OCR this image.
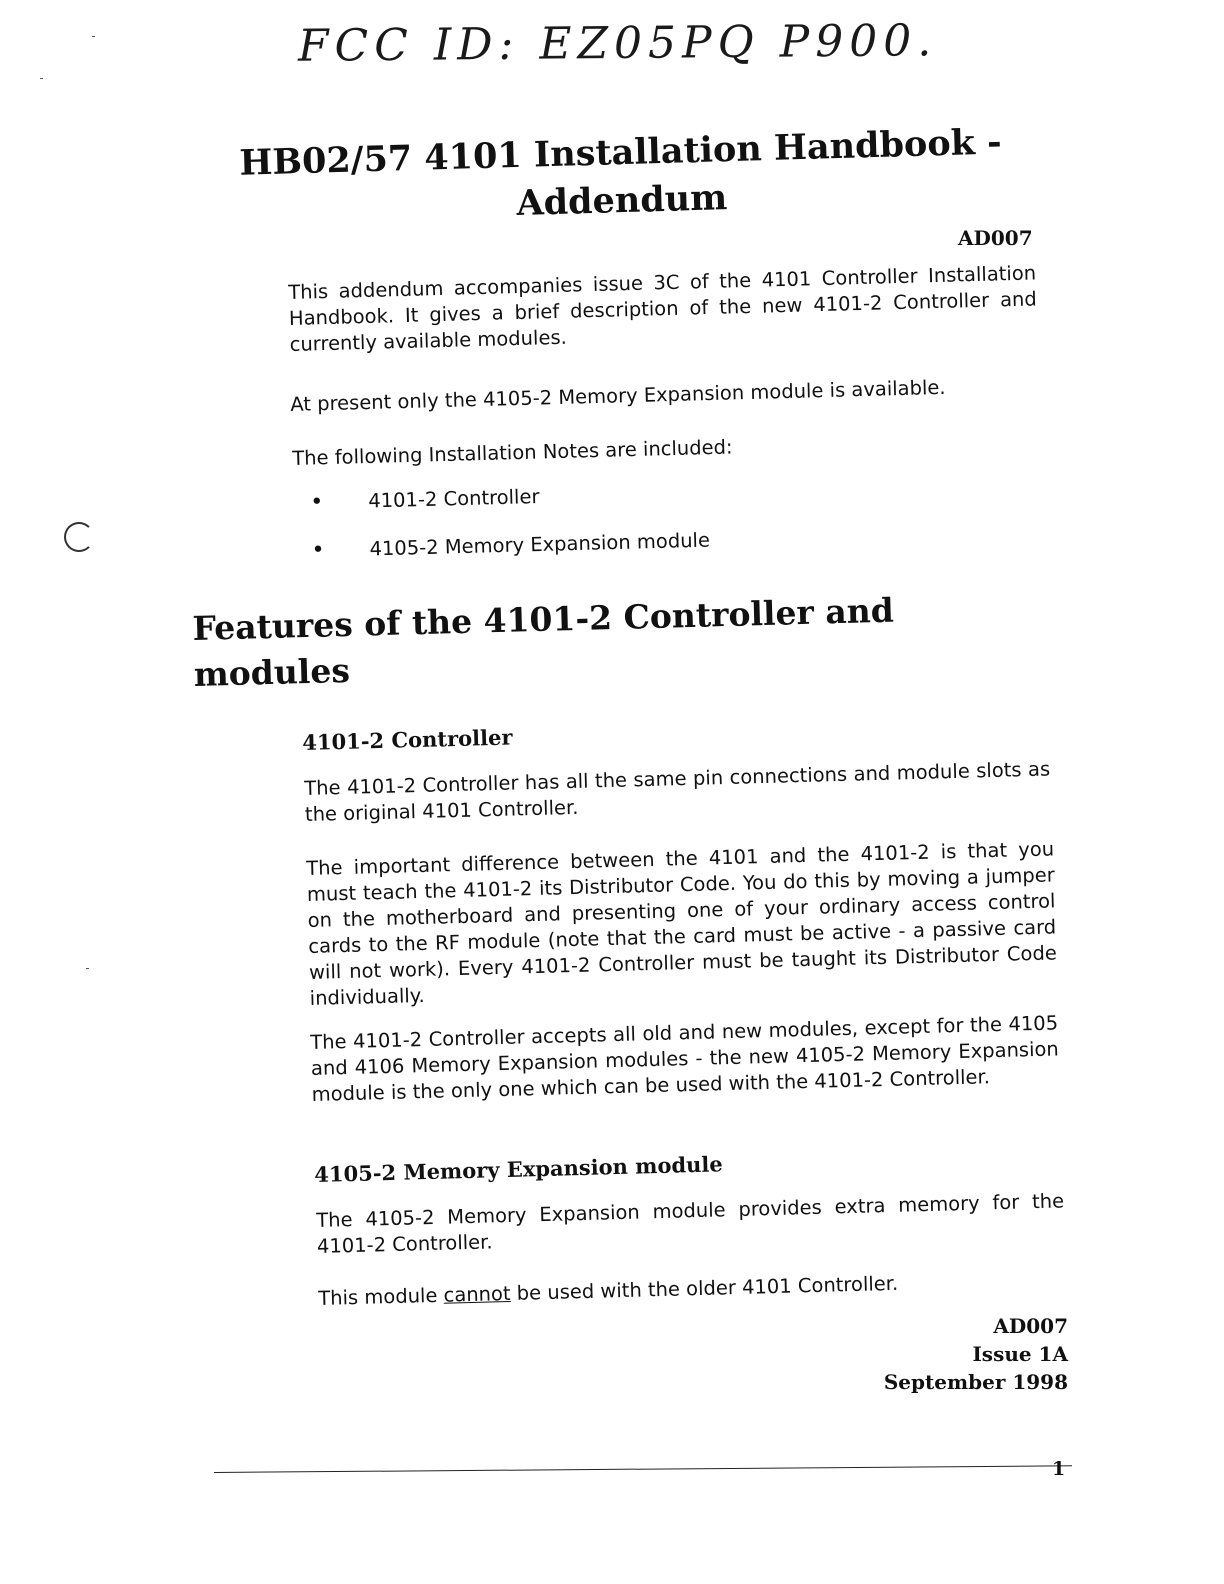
FCC ID: EZ05PQ P900.
HB02/57 4101 Installation Handbook - Addendum
AD007

This addendum accompanies issue 3C of the 4101 Controller Installation Handbook. It gives a brief description of the new 4101-2 Controller and currently available modules.

At present only the 4105-2 Memory Expansion module is available.

The following Installation Notes are included:

•	4101-2 Controller
•	4105-2 Memory Expansion module
Features of the 4101-2 Controller and modules
4101-2 Controller

The 4101-2 Controller has all the same pin connections and module slots as the original 4101 Controller.

The important difference between the 4101 and the 4101-2 is that you must teach the 4101-2 its Distributor Code. You do this by moving a jumper on the motherboard and presenting one of your ordinary access control cards to the RF module (note that the card must be active - a passive card will not work). Every 4101-2 Controller must be taught its Distributor Code individually.

The 4101-2 Controller accepts all old and new modules, except for the 4105 and 4106 Memory Expansion modules - the new 4105-2 Memory Expansion module is the only one which can be used with the 4101-2 Controller.

4105-2 Memory Expansion module

The 4105-2 Memory Expansion module provides extra memory for the 4101-2 Controller.

This module cannot be used with the older 4101 Controller.

AD007
Issue 1A
September 1998
1
